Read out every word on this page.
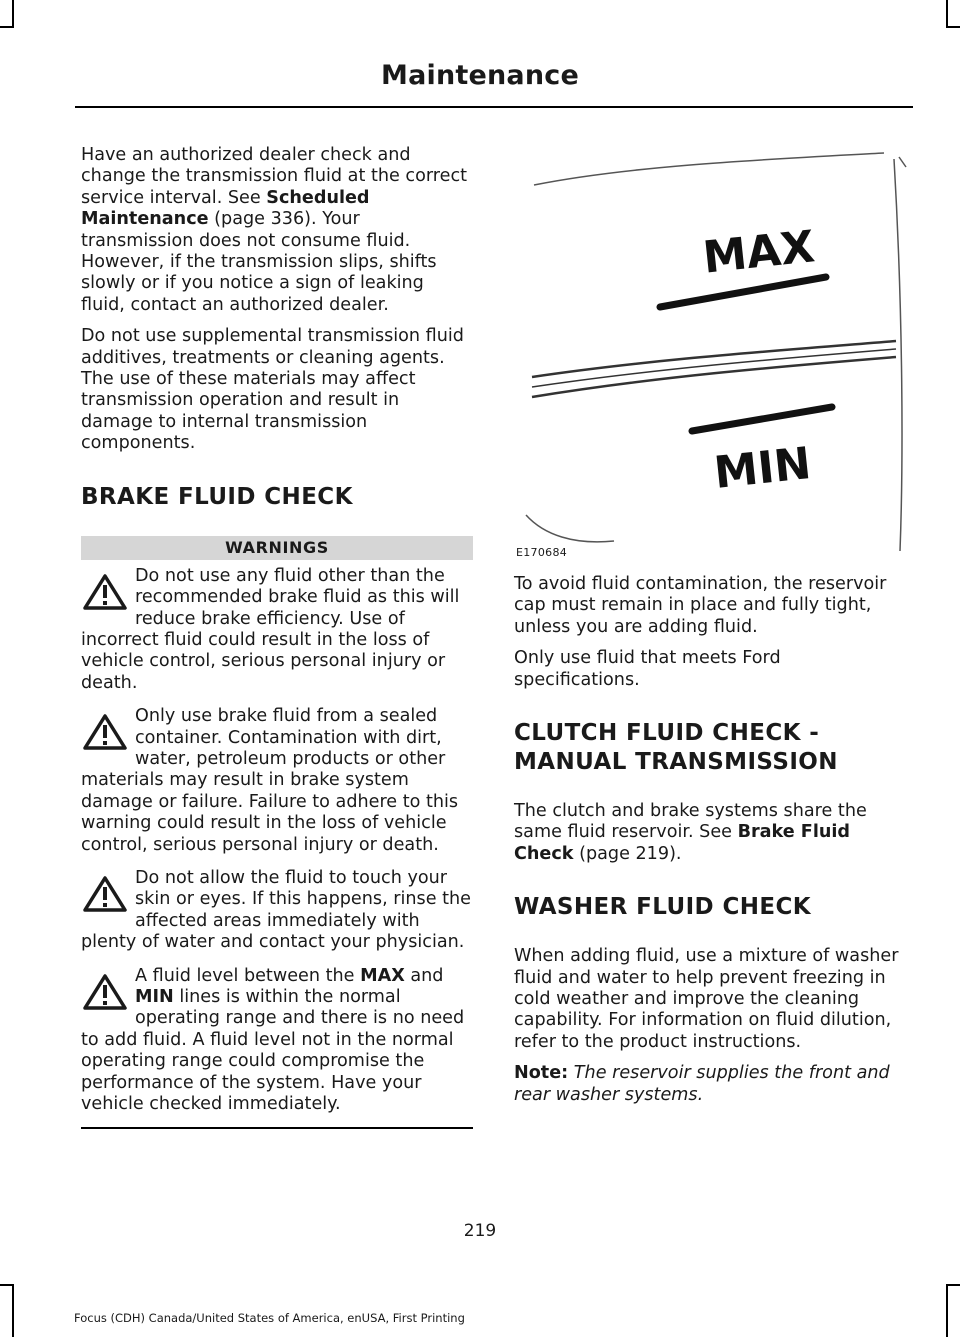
Maintenance

Have an authorized dealer check and change the transmission fluid at the correct service interval. See Scheduled Maintenance (page 336). Your transmission does not consume fluid. However, if the transmission slips, shifts slowly or if you notice a sign of leaking fluid, contact an authorized dealer.

Do not use supplemental transmission fluid additives, treatments or cleaning agents. The use of these materials may affect transmission operation and result in damage to internal transmission components.

BRAKE FLUID CHECK
WARNINGS
Do not use any fluid other than the recommended brake fluid as this will reduce brake efficiency. Use of incorrect fluid could result in the loss of vehicle control, serious personal injury or death.
Only use brake fluid from a sealed container. Contamination with dirt, water, petroleum products or other materials may result in brake system damage or failure. Failure to adhere to this warning could result in the loss of vehicle control, serious personal injury or death.
Do not allow the fluid to touch your skin or eyes. If this happens, rinse the affected areas immediately with plenty of water and contact your physician.
A fluid level between the MAX and MIN lines is within the normal operating range and there is no need to add fluid. A fluid level not in the normal operating range could compromise the performance of the system. Have your vehicle checked immediately.
MAX
MIN
E170684

To avoid fluid contamination, the reservoir cap must remain in place and fully tight, unless you are adding fluid.

Only use fluid that meets Ford specifications.

CLUTCH FLUID CHECK -
MANUAL TRANSMISSION

The clutch and brake systems share the same fluid reservoir. See Brake Fluid Check (page 219).

WASHER FLUID CHECK

When adding fluid, use a mixture of washer fluid and water to help prevent freezing in cold weather and improve the cleaning capability. For information on fluid dilution, refer to the product instructions.

Note: The reservoir supplies the front and rear washer systems.

219
Focus (CDH) Canada/United States of America, enUSA, First Printing
